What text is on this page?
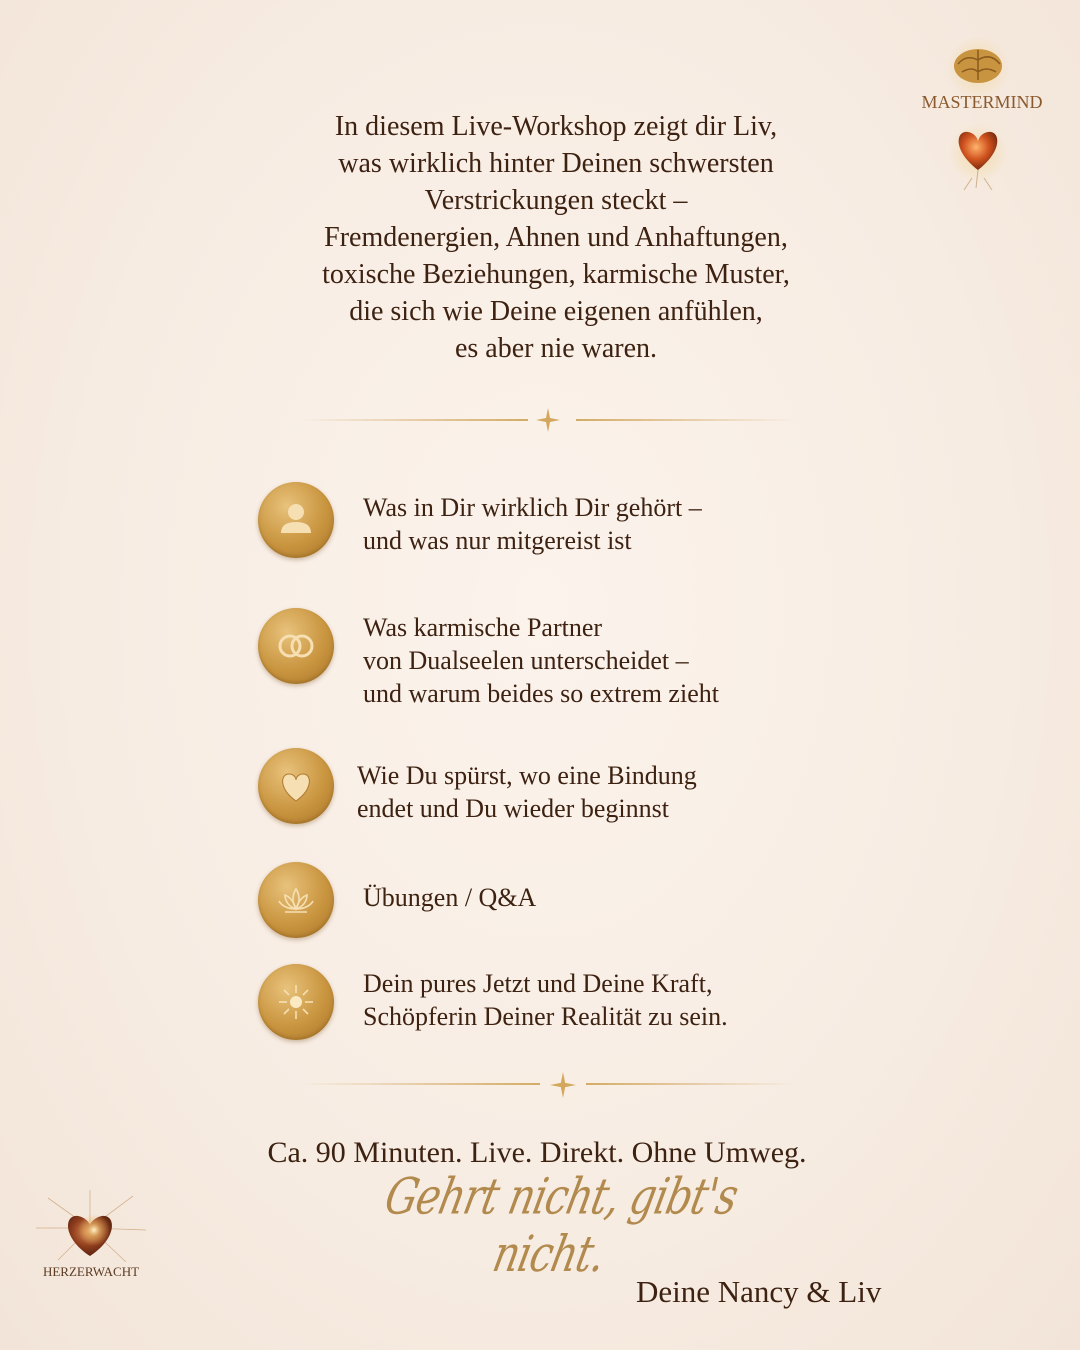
MASTERMIND
In diesem Live-Workshop zeigt dir Liv,
was wirklich hinter Deinen schwersten
Verstrickungen steckt –
Fremdenergien, Ahnen und Anhaftungen,
toxische Beziehungen, karmische Muster,
die sich wie Deine eigenen anfühlen,
es aber nie waren.
Was in Dir wirklich Dir gehört –
und was nur mitgereist ist
Was karmische Partner
von Dualseelen unterscheidet –
und warum beides so extrem zieht
Wie Du spürst, wo eine Bindung
endet und Du wieder beginnst
Übungen / Q&A
Dein pures Jetzt und Deine Kraft,
Schöpferin Deiner Realität zu sein.
Ca. 90 Minuten. Live. Direkt. Ohne Umweg.
Gehrt nicht, gibt's nicht.
Deine Nancy & Liv
HERZERWACHT
